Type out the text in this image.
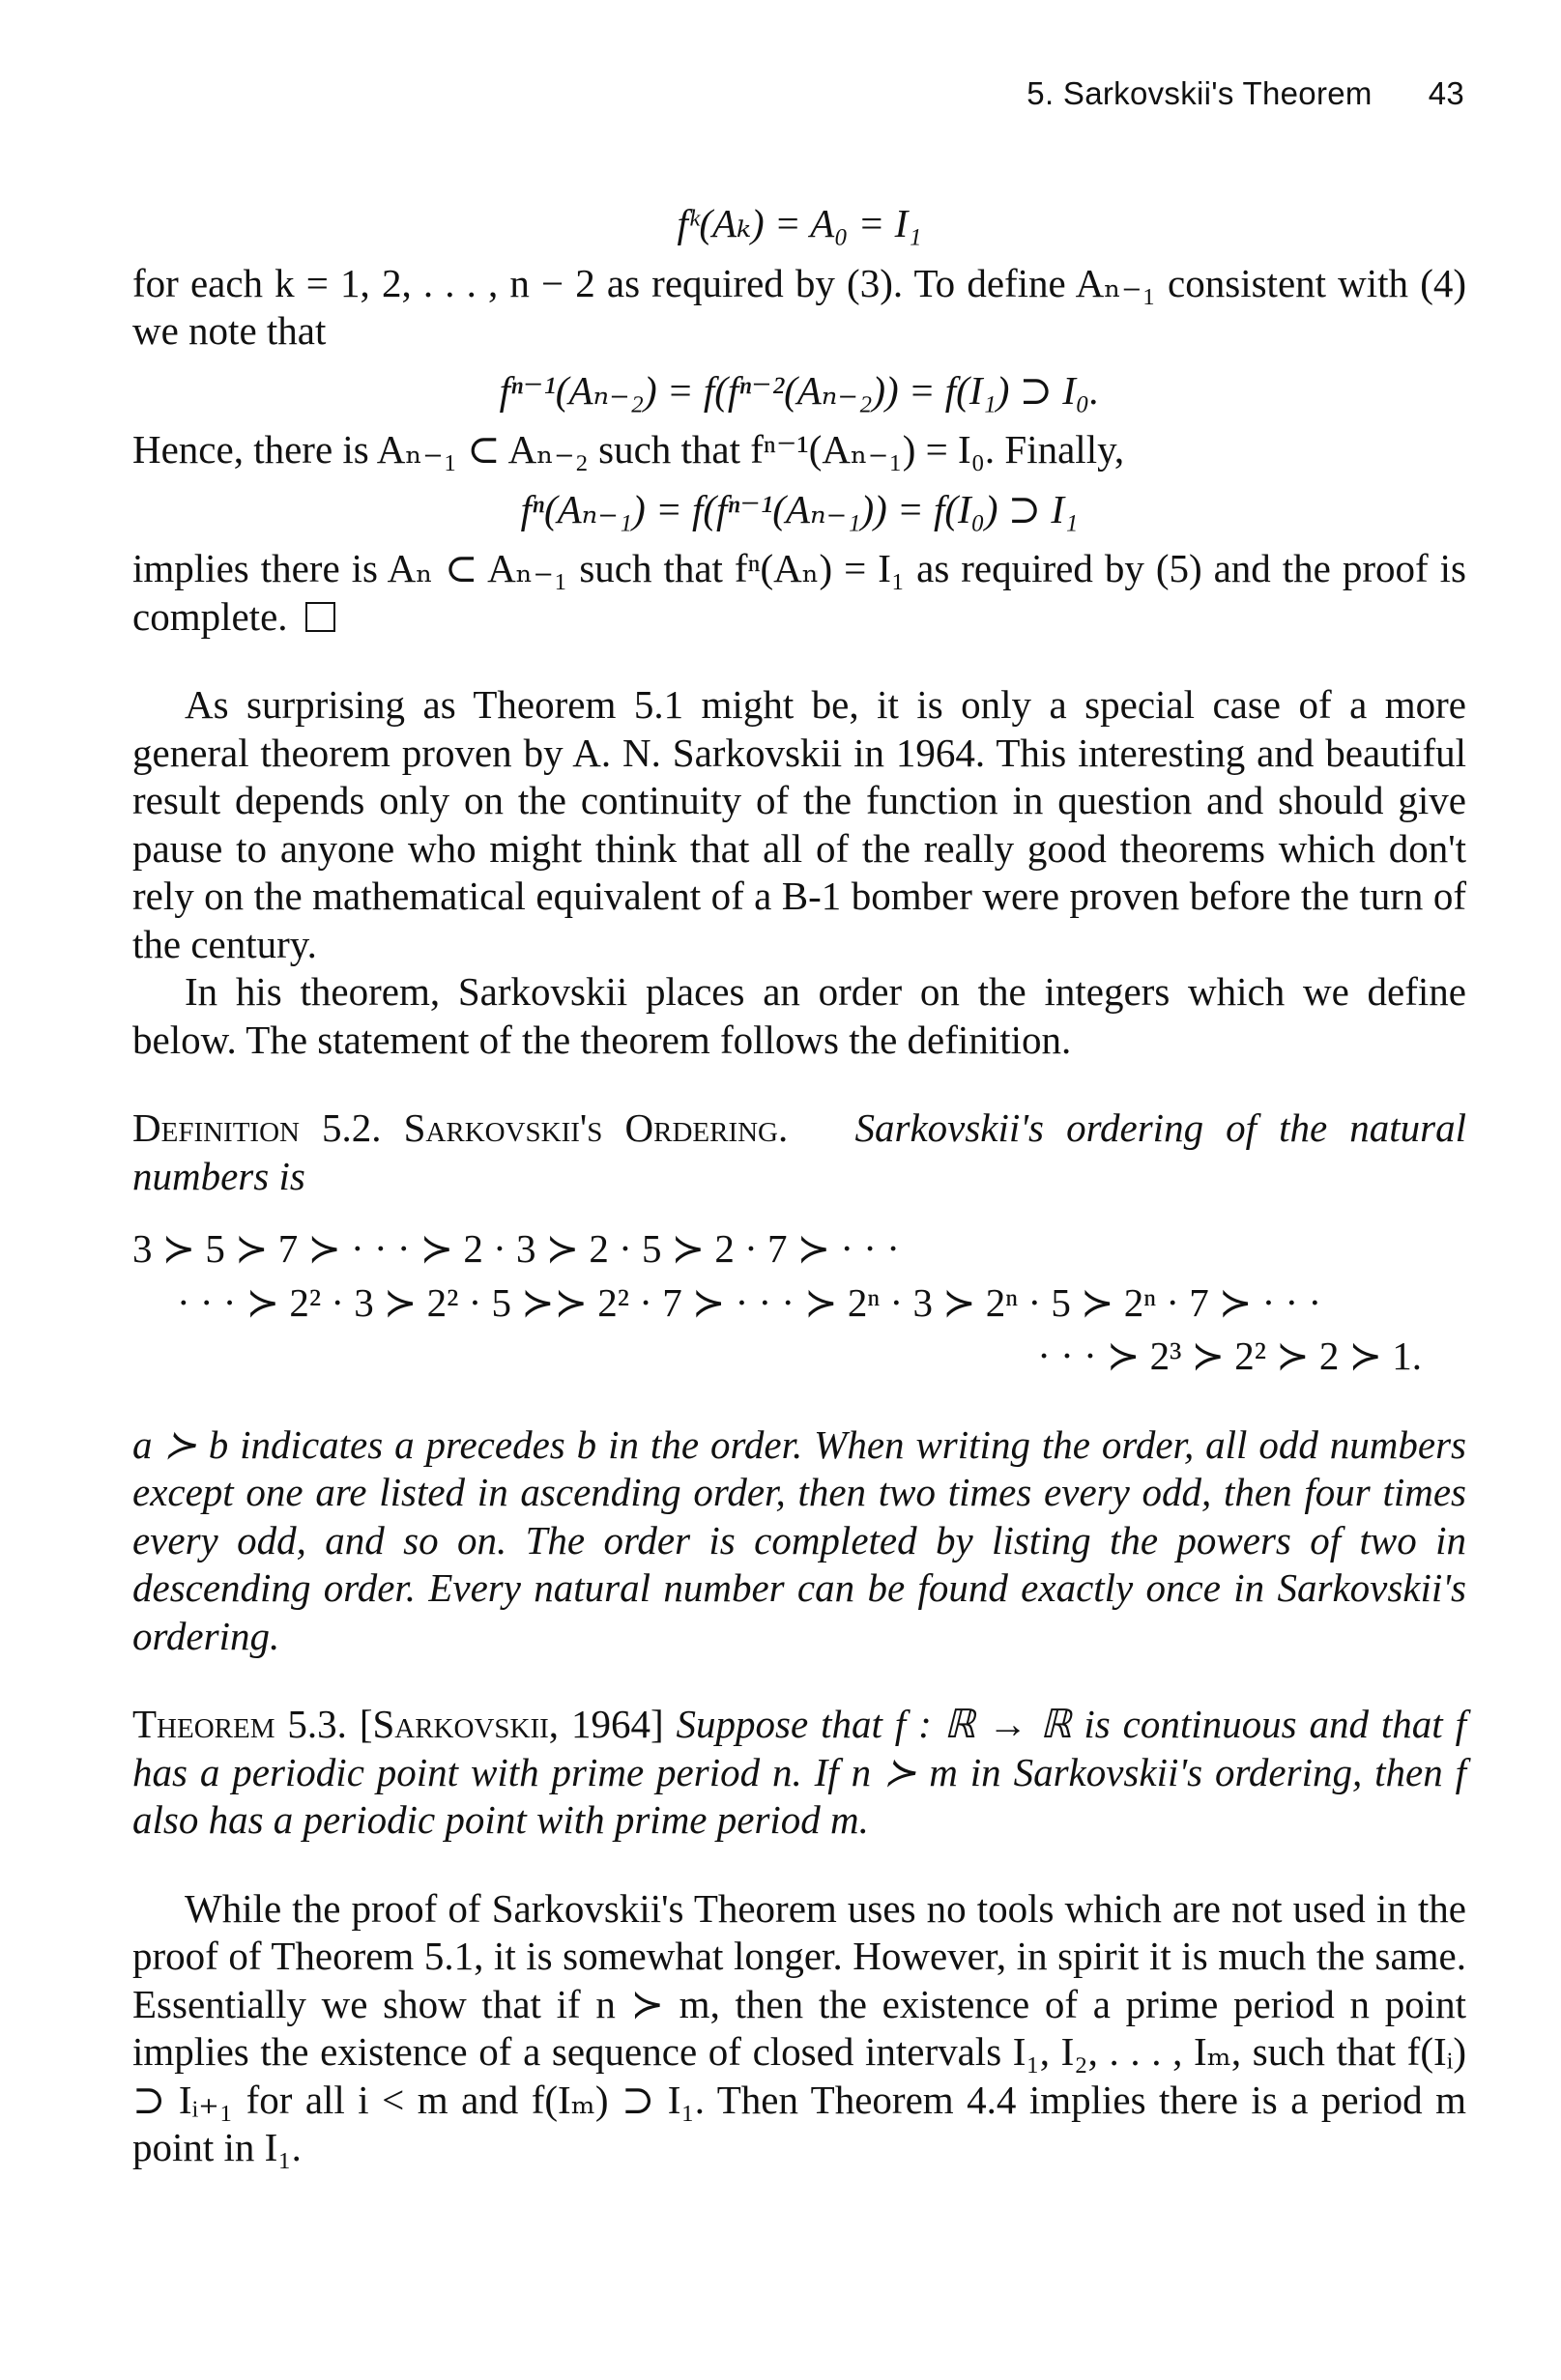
5. Sarkovskii's Theorem 43
fᵏ(Aₖ) = A₀ = I₁

for each k = 1, 2, . . . , n − 2 as required by (3). To define Aₙ₋₁ consistent with (4) we note that

fⁿ⁻¹(Aₙ₋₂) = f(fⁿ⁻²(Aₙ₋₂)) = f(I₁) ⊃ I₀.

Hence, there is Aₙ₋₁ ⊂ Aₙ₋₂ such that fⁿ⁻¹(Aₙ₋₁) = I₀. Finally,

fⁿ(Aₙ₋₁) = f(fⁿ⁻¹(Aₙ₋₁)) = f(I₀) ⊃ I₁

implies there is Aₙ ⊂ Aₙ₋₁ such that fⁿ(Aₙ) = I₁ as required by (5) and the proof is complete.

As surprising as Theorem 5.1 might be, it is only a special case of a more general theorem proven by A. N. Sarkovskii in 1964. This interesting and beautiful result depends only on the continuity of the function in question and should give pause to anyone who might think that all of the really good theorems which don't rely on the mathematical equivalent of a B-1 bomber were proven before the turn of the century.

In his theorem, Sarkovskii places an order on the integers which we define below. The statement of the theorem follows the definition.

Definition 5.2. Sarkovskii's Ordering. Sarkovskii's ordering of the natural numbers is

3 ≻ 5 ≻ 7 ≻ · · · ≻ 2 · 3 ≻ 2 · 5 ≻ 2 · 7 ≻ · · ·
· · · ≻ 2² · 3 ≻ 2² · 5 ≻≻ 2² · 7 ≻ · · · ≻ 2ⁿ · 3 ≻ 2ⁿ · 5 ≻ 2ⁿ · 7 ≻ · · ·
· · · ≻ 2³ ≻ 2² ≻ 2 ≻ 1.

a ≻ b indicates a precedes b in the order. When writing the order, all odd numbers except one are listed in ascending order, then two times every odd, then four times every odd, and so on. The order is completed by listing the powers of two in descending order. Every natural number can be found exactly once in Sarkovskii's ordering.

Theorem 5.3. [Sarkovskii, 1964] Suppose that f : ℝ → ℝ is continuous and that f has a periodic point with prime period n. If n ≻ m in Sarkovskii's ordering, then f also has a periodic point with prime period m.

While the proof of Sarkovskii's Theorem uses no tools which are not used in the proof of Theorem 5.1, it is somewhat longer. However, in spirit it is much the same. Essentially we show that if n ≻ m, then the existence of a prime period n point implies the existence of a sequence of closed intervals I₁, I₂, . . . , Iₘ, such that f(Iᵢ) ⊃ Iᵢ₊₁ for all i < m and f(Iₘ) ⊃ I₁. Then Theorem 4.4 implies there is a period m point in I₁.
